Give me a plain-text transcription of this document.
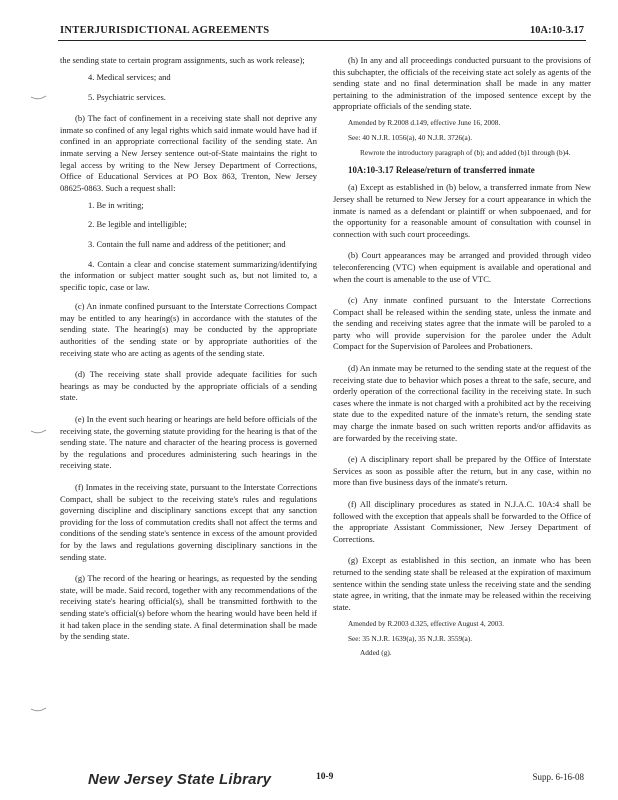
INTERJURISDICTIONAL AGREEMENTS	10A:10-3.17

the sending state to certain program assignments, such as work release);

4. Medical services; and

5. Psychiatric services.

(b) The fact of confinement in a receiving state shall not deprive any inmate so confined of any legal rights which said inmate would have had if confined in an appropriate correctional facility of the sending state. An inmate serving a New Jersey sentence out-of-State maintains the right to legal access by writing to the New Jersey Department of Corrections, Office of Educational Services at PO Box 863, Trenton, New Jersey 08625-0863. Such a request shall:

1. Be in writing;

2. Be legible and intelligible;

3. Contain the full name and address of the petitioner; and

4. Contain a clear and concise statement summarizing/identifying the information or subject matter sought such as, but not limited to, a specific topic, case or law.

(c) An inmate confined pursuant to the Interstate Corrections Compact may be entitled to any hearing(s) in accordance with the statutes of the sending state. The hearing(s) may be conducted by the appropriate authorities of the sending state or by appropriate authorities of the receiving state who are acting as agents of the sending state.

(d) The receiving state shall provide adequate facilities for such hearings as may be conducted by the appropriate officials of a sending state.

(e) In the event such hearing or hearings are held before officials of the receiving state, the governing statute providing for the hearing is that of the sending state. The nature and character of the hearing process is governed by the regulations and procedures administering such hearings in the receiving state.

(f) Inmates in the receiving state, pursuant to the Interstate Corrections Compact, shall be subject to the receiving state's rules and regulations governing discipline and disciplinary sanctions except that any sanction providing for the loss of commutation credits shall not affect the terms and conditions of the sending state's sentence in excess of the amount provided for by the laws and regulations governing disciplinary sanctions in the sending state.

(g) The record of the hearing or hearings, as requested by the sending state, will be made. Said record, together with any recommendations of the receiving state's hearing official(s), shall be transmitted forthwith to the sending state's official(s) before whom the hearing would have been held if it had taken place in the sending state. A final determination shall be made by the sending state.

(h) In any and all proceedings conducted pursuant to the provisions of this subchapter, the officials of the receiving state act solely as agents of the sending state and no final determination shall be made in any matter pertaining to the administration of the imposed sentence except by the appropriate officials of the sending state.

Amended by R.2008 d.149, effective June 16, 2008.

See: 40 N.J.R. 1056(a), 40 N.J.R. 3726(a).

Rewrote the introductory paragraph of (b); and added (b)1 through (b)4.

10A:10-3.17 Release/return of transferred inmate

(a) Except as established in (b) below, a transferred inmate from New Jersey shall be returned to New Jersey for a court appearance in which the inmate is named as a defendant or plaintiff or when subpoenaed, and for the opportunity for a reasonable amount of consultation with counsel in connection with such court proceedings.

(b) Court appearances may be arranged and provided through video teleconferencing (VTC) when equipment is available and operational and when the court is amenable to the use of VTC.

(c) Any inmate confined pursuant to the Interstate Corrections Compact shall be released within the sending state, unless the inmate and the sending and receiving states agree that the inmate will be paroled to a party who will provide supervision for the parolee under the Adult Compact for the Supervision of Parolees and Probationers.

(d) An inmate may be returned to the sending state at the request of the receiving state due to behavior which poses a threat to the safe, secure, and orderly operation of the correctional facility in the receiving state. In such cases where the inmate is not charged with a prohibited act by the receiving state due to the expedited nature of the inmate's return, the sending state may charge the inmate based on such written reports and/or affidavits as are forwarded by the receiving state.

(e) A disciplinary report shall be prepared by the Office of Interstate Services as soon as possible after the return, but in any case, within no more than five business days of the inmate's return.

(f) All disciplinary procedures as stated in N.J.A.C. 10A:4 shall be followed with the exception that appeals shall be forwarded to the Office of the appropriate Assistant Commissioner, New Jersey Department of Corrections.

(g) Except as established in this section, an inmate who has been returned to the sending state shall be released at the expiration of maximum sentence within the sending state unless the receiving state and the sending state agree, in writing, that the inmate may be released within the receiving state.

Amended by R.2003 d.325, effective August 4, 2003.

See: 35 N.J.R. 1639(a), 35 N.J.R. 3559(a).

Added (g).

New Jersey State Library	10-9	Supp. 6-16-08
